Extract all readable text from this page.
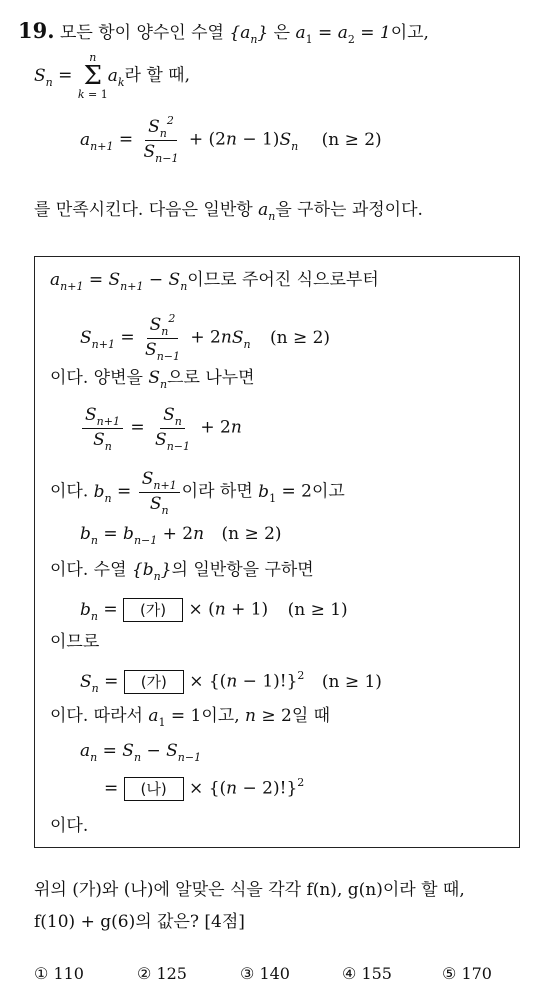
19. 모든 항이 양수인 수열 $\{a_n\}$ 은 $a_1 = a_2 = 1$이고,
$S_n$ =
n
Σ
k = 1
$a_k$라 할 때,
$a_{n+1} = \frac{S_n^2}{S_{n-1}} + (2n - 1)S_n$ (n ≥ 2)
를 만족시킨다. 다음은 일반항 $a_n$을 구하는 과정이다.
$a_{n+1} = S_{n+1} - S_n$이므로 주어진 식으로부터
$S_{n+1} = \frac{S_n^2}{S_{n-1}} + 2nS_n$ (n ≥ 2)
이다. 양변을 $S_n$으로 나누면
$\frac{S_{n+1}}{S_n} = \frac{S_n}{S_{n-1}} + 2n$
이다. $b_n = \frac{S_{n+1}}{S_n}$ 이라 하면 $b_1 = 2$이고
$b_n = b_{n-1} + 2n$ (n ≥ 2)
이다. 수열 $\{b_n\}$의 일반항을 구하면
$b_n$ = (가) × (n + 1) (n ≥ 1)
이므로
$S_n$ = (가) × $\{(n - 1)!\}^2$ (n ≥ 1)
이다. 따라서 $a_1 = 1$이고, n ≥ 2일 때
$a_n = S_n - S_{n-1}$
= (나) × $\{(n - 2)!\}^2$
이다.
위의 (가)와 (나)에 알맞은 식을 각각 f(n), g(n)이라 할 때,
f(10) + g(6)의 값은? [4점]
① 110	② 125	③ 140	④ 155	⑤ 170
